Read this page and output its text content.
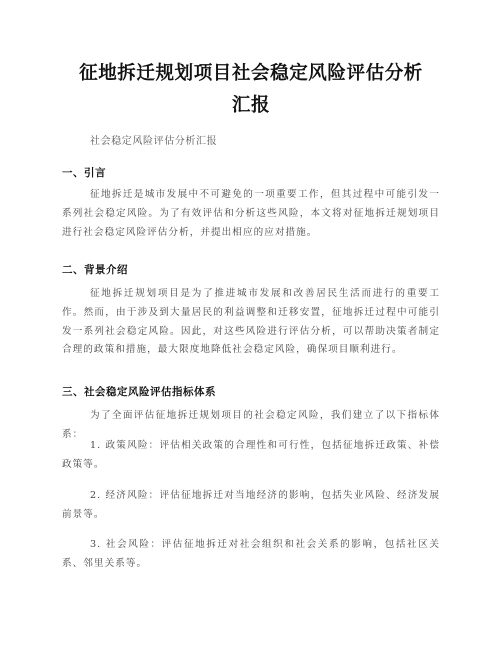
征地拆迁规划项目社会稳定风险评估分析汇报

社会稳定风险评估分析汇报

一、引言

征地拆迁是城市发展中不可避免的一项重要工作，但其过程中可能引发一系列社会稳定风险。为了有效评估和分析这些风险，本文将对征地拆迁规划项目进行社会稳定风险评估分析，并提出相应的应对措施。

二、背景介绍

征地拆迁规划项目是为了推进城市发展和改善居民生活而进行的重要工作。然而，由于涉及到大量居民的利益调整和迁移安置，征地拆迁过程中可能引发一系列社会稳定风险。因此，对这些风险进行评估分析，可以帮助决策者制定合理的政策和措施，最大限度地降低社会稳定风险，确保项目顺利进行。

三、社会稳定风险评估指标体系

为了全面评估征地拆迁规划项目的社会稳定风险，我们建立了以下指标体系：

1. 政策风险：评估相关政策的合理性和可行性，包括征地拆迁政策、补偿政策等。

2. 经济风险：评估征地拆迁对当地经济的影响，包括失业风险、经济发展前景等。

3. 社会风险：评估征地拆迁对社会组织和社会关系的影响，包括社区关系、邻里关系等。
